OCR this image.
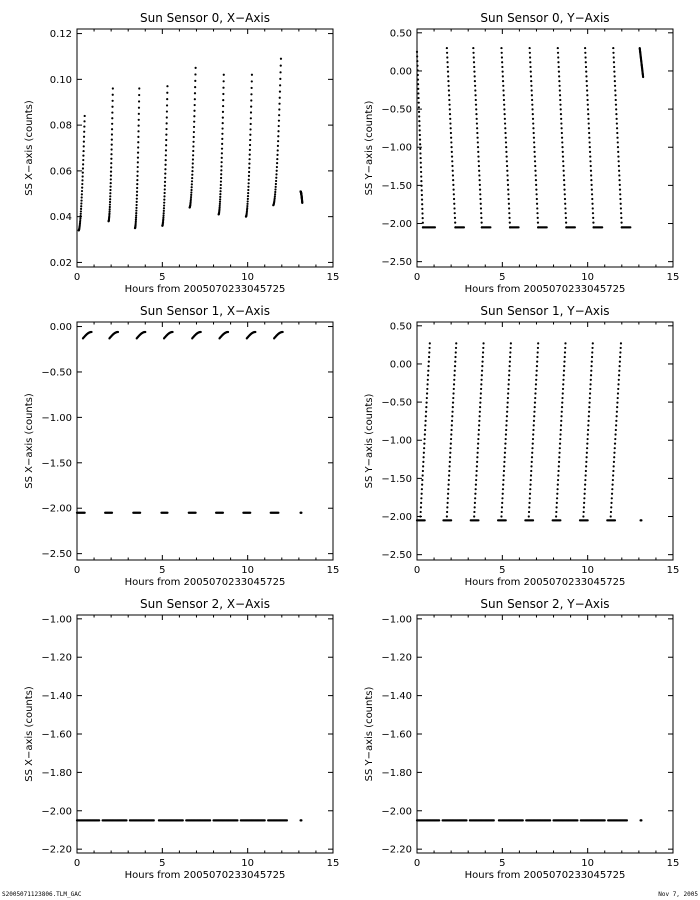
Sun Sensor 0, X−Axis
0	5	10	15
0.02
0.04
0.06
0.08
0.10
0.12
Hours from 2005070233045725
SS X−axis (counts)
Sun Sensor 0, Y−Axis
0	5	10	15
0.50
0.00
−0.50
−1.00
−1.50
−2.00
−2.50
Hours from 2005070233045725
SS Y−axis (counts)
Sun Sensor 1, X−Axis
0	5	10	15
0.00
−0.50
−1.00
−1.50
−2.00
−2.50
Hours from 2005070233045725
SS X−axis (counts)
Sun Sensor 1, Y−Axis
0	5	10	15
0.50
0.00
−0.50
−1.00
−1.50
−2.00
−2.50
Hours from 2005070233045725
SS Y−axis (counts)
Sun Sensor 2, X−Axis
0	5	10	15
−1.00
−1.20
−1.40
−1.60
−1.80
−2.00
−2.20
Hours from 2005070233045725
SS X−axis (counts)
Sun Sensor 2, Y−Axis
0	5	10	15
−1.00
−1.20
−1.40
−1.60
−1.80
−2.00
−2.20
Hours from 2005070233045725
SS Y−axis (counts)
S2005071123806.TLM_GAC	Nov 7, 2005
